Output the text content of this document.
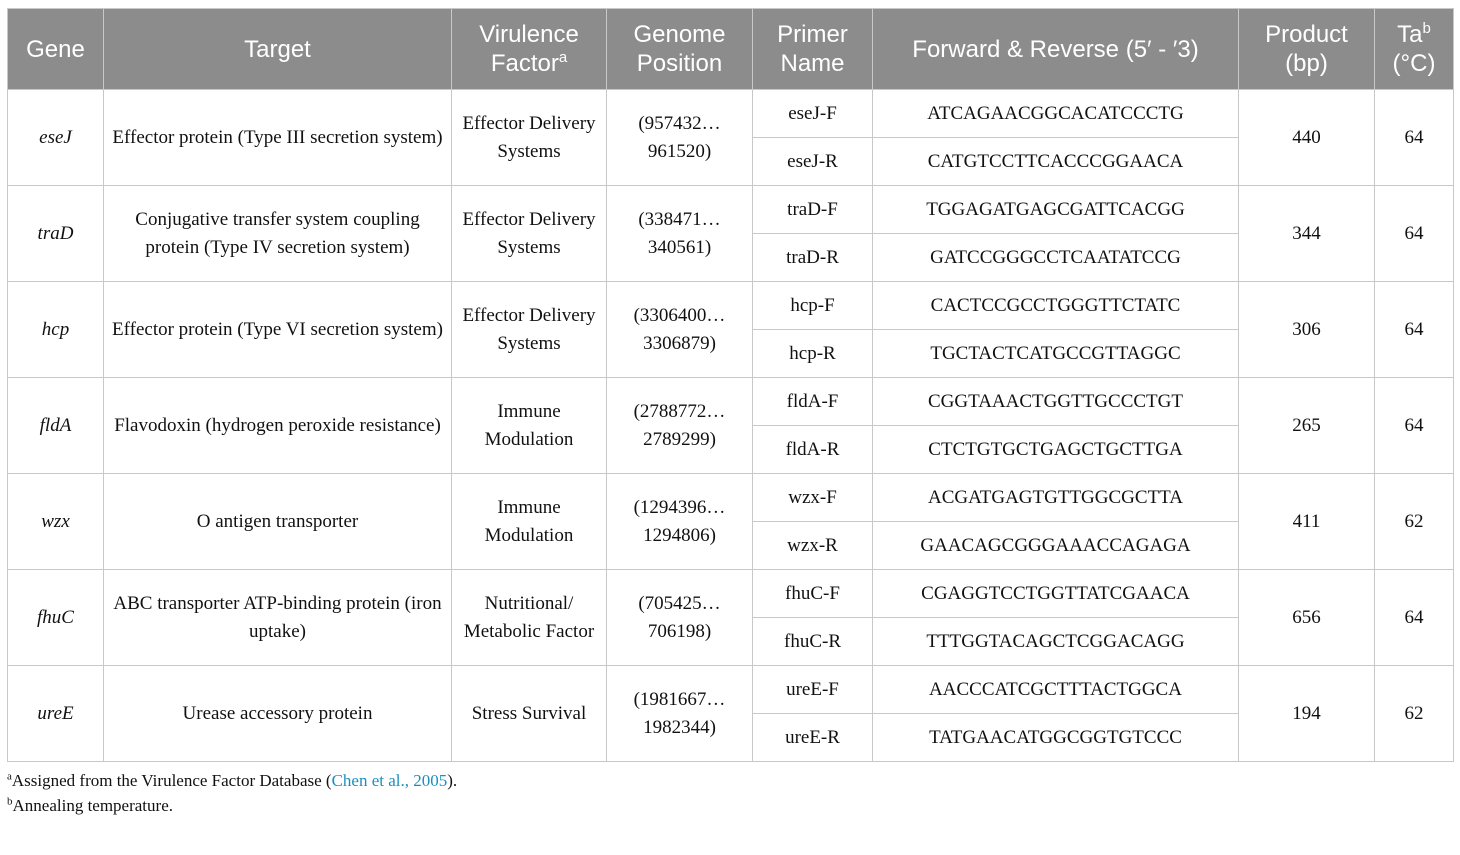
Gene	Target	Virulence Factor$^a$	Genome Position	Primer Name	Forward & Reverse (5′ - ′3)	Product (bp)	Ta$^b$
(°C)
eseJ	Effector protein (Type III secretion system)	Effector Delivery Systems	(957432…961520)	eseJ-F	ATCAGAACGGCACATCCCTG	440	64
				eseJ-R	CATGTCCTTCACCCGGAACA		
traD	Conjugative transfer system coupling protein (Type IV secretion system)	Effector Delivery Systems	(338471…340561)	traD-F	TGGAGATGAGCGATTCACGG	344	64
				traD-R	GATCCGGGCCTCAATATCCG		
hcp	Effector protein (Type VI secretion system)	Effector Delivery Systems	(3306400…3306879)	hcp-F	CACTCCGCCTGGGTTCTATC	306	64
				hcp-R	TGCTACTCATGCCGTTAGGC		
fldA	Flavodoxin (hydrogen peroxide resistance)	Immune Modulation	(2788772…2789299)	fldA-F	CGGTAAACTGGTTGCCCTGT	265	64
				fldA-R	CTCTGTGCTGAGCTGCTTGA		
wzx	O antigen transporter	Immune Modulation	(1294396…1294806)	wzx-F	ACGATGAGTGTTGGCGCTTA	411	62
				wzx-R	GAACAGCGGGAAACCAGAGA		
fhuC	ABC transporter ATP-binding protein (iron uptake)	Nutritional/ Metabolic Factor	(705425…706198)	fhuC-F	CGAGGTCCTGGTTATCGAACA	656	64
				fhuC-R	TTTGGTACAGCTCGGACAGG		
ureE	Urease accessory protein	Stress Survival	(1981667…1982344)	ureE-F	AACCCATCGCTTTACTGGCA	194	62
				ureE-R	TATGAACATGGCGGTGTCCC		
$^a$Assigned from the Virulence Factor Database (Chen et al., 2005).
$^b$Annealing temperature.
